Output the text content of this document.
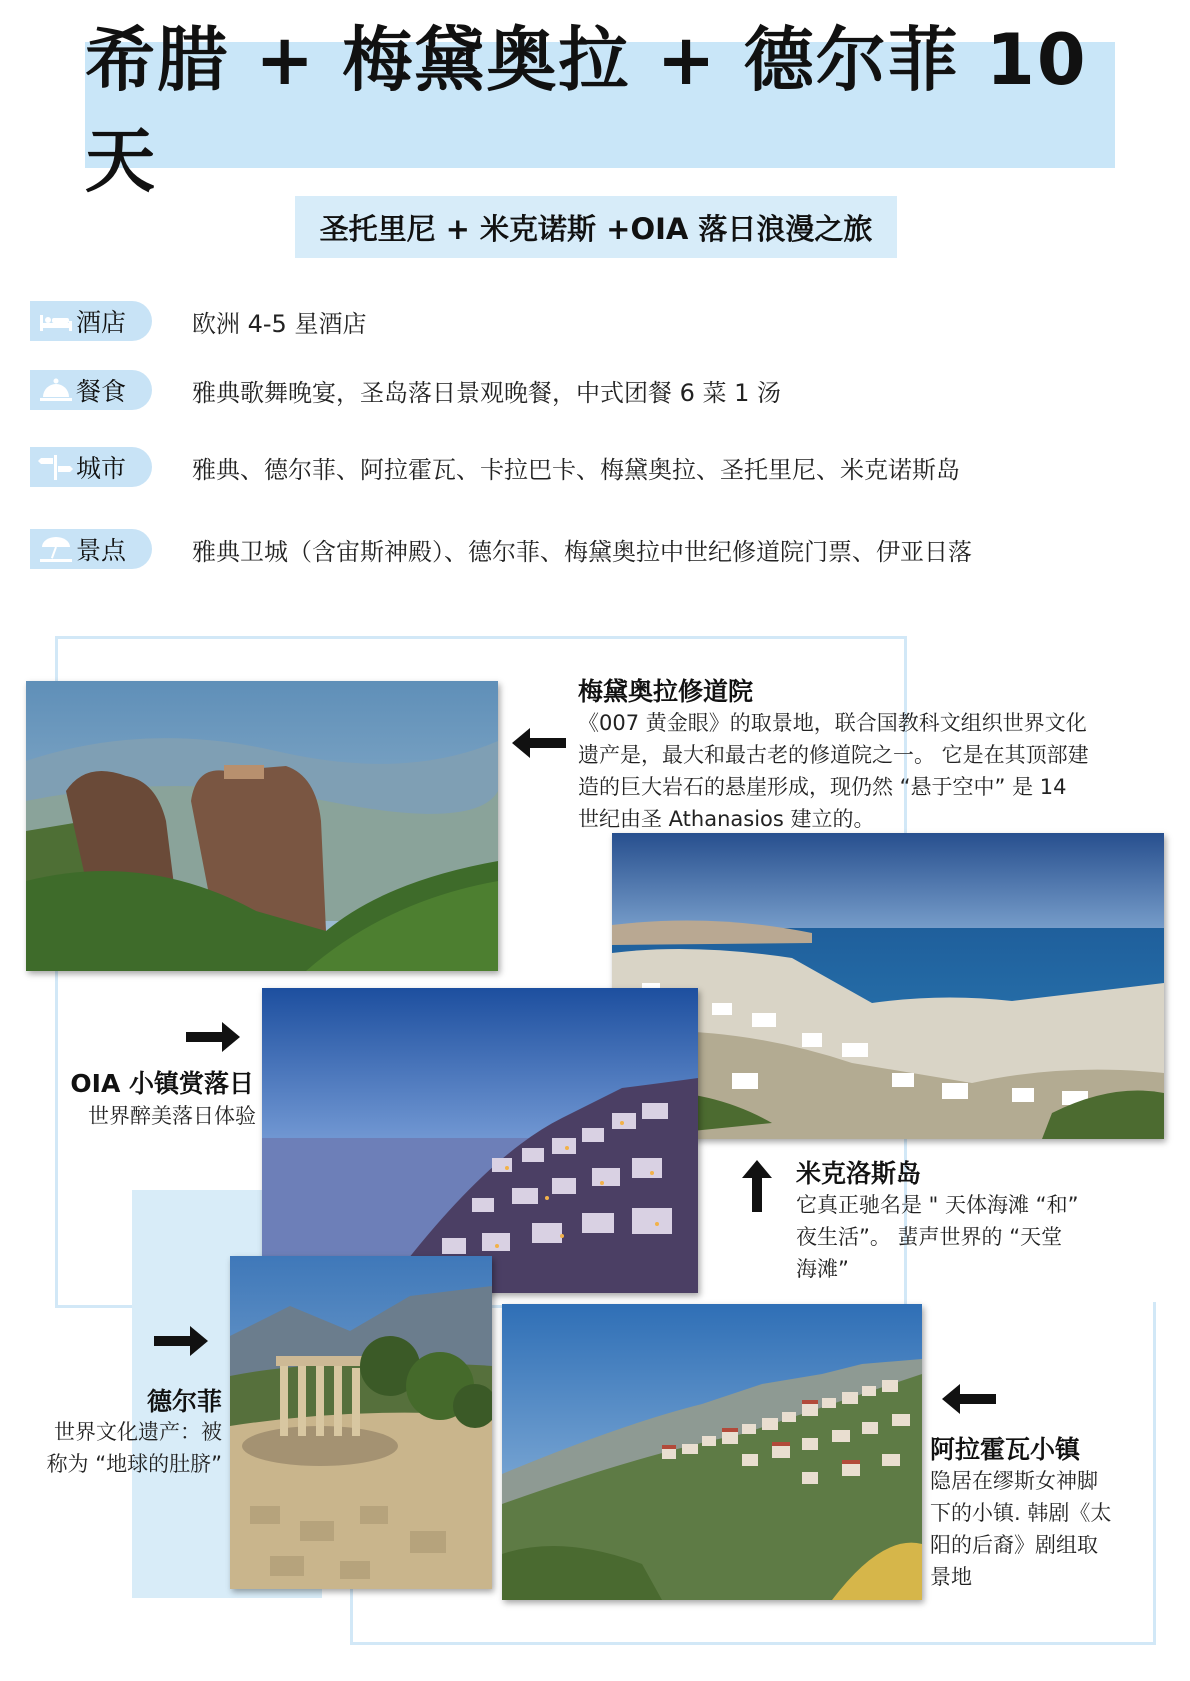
希腊 + 梅黛奥拉 + 德尔菲 10 天
圣托里尼 + 米克诺斯 +OIA 落日浪漫之旅
酒店	欧洲 4-5 星酒店
餐食	雅典歌舞晚宴，圣岛落日景观晚餐，中式团餐 6 菜 1 汤
城市	雅典、德尔菲、阿拉霍瓦、卡拉巴卡、梅黛奥拉、圣托里尼、米克诺斯岛
景点	雅典卫城（含宙斯神殿）、德尔菲、梅黛奥拉中世纪修道院门票、伊亚日落
梅黛奥拉修道院
《007 黄金眼》的取景地，联合国教科文组织世界文化
遗产是，最大和最古老的修道院之一。 它是在其顶部建
造的巨大岩石的悬崖形成，现仍然 “悬于空中” 是 14
世纪由圣 Athanasios 建立的。
OIA 小镇赏落日
世界醉美落日体验
米克洛斯岛
它真正驰名是 " 天体海滩 “和”
夜生活”。 蜚声世界的 “天堂
海滩”
德尔菲
世界文化遗产：被
称为 “地球的肚脐”	阿拉霍瓦小镇
隐居在缪斯女神脚
下的小镇. 韩剧《太
阳的后裔》剧组取
景地
